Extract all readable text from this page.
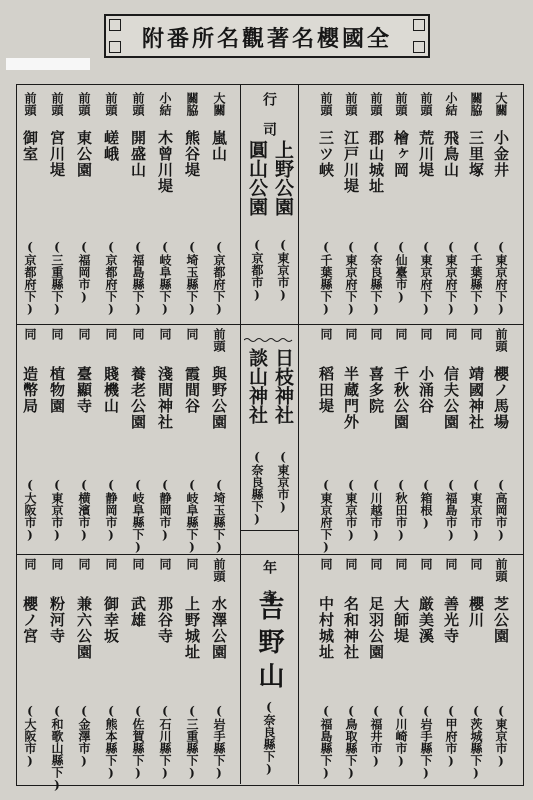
附番所名觀著名櫻國全
行 司
上野公園
(東京市)
圓山公園
(京都市)
日枝神社
(東京市)
談山神社
(奈良縣下)
年 寄
吉野山
(奈良縣下)
大關
嵐山
(京都府下)
關脇
熊谷堤
(埼玉縣下)
小結
木曾川堤
(岐阜縣下)
前頭
開盛山
(福島縣下)
前頭
嵯峨
(京都府下)
前頭
東公園
(福岡市)
前頭
宮川堤
(三重縣下)
前頭
御室
(京都府下)
大關
小金井
(東京府下)
關脇
三里塚
(千葉縣下)
小結
飛鳥山
(東京府下)
前頭
荒川堤
(東京府下)
前頭
檜ヶ岡
(仙臺市)
前頭
郡山城址
(奈良縣下)
前頭
江戸川堤
(東京府下)
前頭
三ツ峡
(千葉縣下)
前頭
與野公園
(埼玉縣下)
同
霞間谷
(岐阜縣下)
同
淺間神社
(静岡市)
同
養老公園
(岐阜縣下)
同
賤機山
(静岡市)
同
臺顯寺
(横濱市)
同
植物園
(東京市)
同
造幣局
(大阪市)
前頭
櫻ノ馬場
(高岡市)
同
靖國神社
(東京市)
同
信夫公園
(福島市)
同
小涌谷
(箱根)
同
千秋公園
(秋田市)
同
喜多院
(川越市)
同
半蔵門外
(東京市)
同
稻田堤
(東京府下)
前頭
水澤公園
(岩手縣下)
同
上野城址
(三重縣下)
同
那谷寺
(石川縣下)
同
武雄
(佐賀縣下)
同
御幸坂
(熊本縣下)
同
兼六公園
(金澤市)
同
粉河寺
(和歌山縣下)
同
櫻ノ宮
(大阪市)
前頭
芝公園
(東京市)
同
櫻川
(茨城縣下)
同
善光寺
(甲府市)
同
厳美溪
(岩手縣下)
同
大師堤
(川崎市)
同
足羽公園
(福井市)
同
名和神社
(鳥取縣下)
同
中村城址
(福島縣下)
